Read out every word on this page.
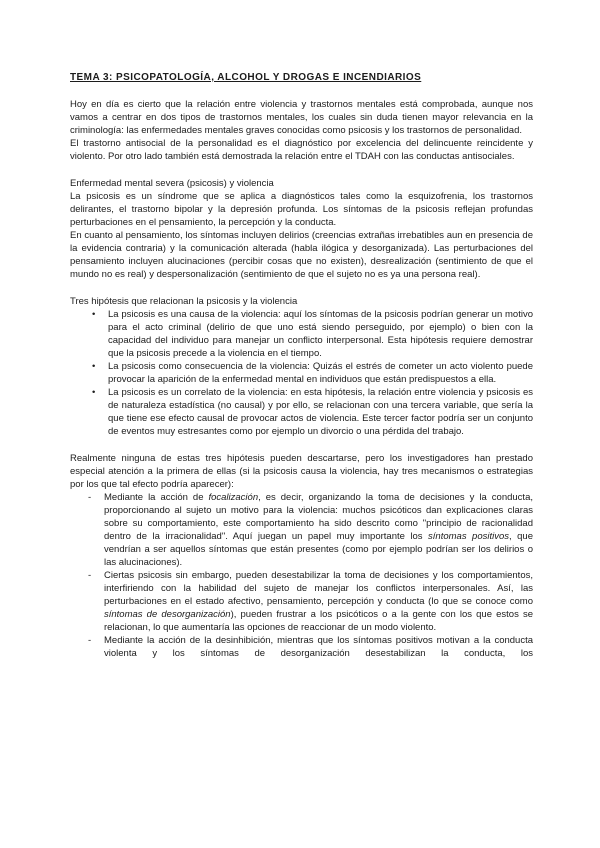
TEMA 3: PSICOPATOLOGÍA, ALCOHOL Y DROGAS E INCENDIARIOS

Hoy en día es cierto que la relación entre violencia y trastornos mentales está comprobada, aunque nos vamos a centrar en dos tipos de trastornos mentales, los cuales sin duda tienen mayor relevancia en la criminología: las enfermedades mentales graves conocidas como psicosis y los trastornos de personalidad.

El trastorno antisocial de la personalidad es el diagnóstico por excelencia del delincuente reincidente y violento. Por otro lado también está demostrada la relación entre el TDAH con las conductas antisociales.

Enfermedad mental severa (psicosis) y violencia

La psicosis es un síndrome que se aplica a diagnósticos tales como la esquizofrenia, los trastornos delirantes, el trastorno bipolar y la depresión profunda. Los síntomas de la psicosis reflejan profundas perturbaciones en el pensamiento, la percepción y la conducta.

En cuanto al pensamiento, los síntomas incluyen delirios (creencias extrañas irrebatibles aun en presencia de la evidencia contraria) y la comunicación alterada (habla ilógica y desorganizada). Las perturbaciones del pensamiento incluyen alucinaciones (percibir cosas que no existen), desrealización (sentimiento de que el mundo no es real) y despersonalización (sentimiento de que el sujeto no es ya una persona real).

Tres hipótesis que relacionan la psicosis y la violencia
•	La psicosis es una causa de la violencia: aquí los síntomas de la psicosis podrían generar un motivo para el acto criminal (delirio de que uno está siendo perseguido, por ejemplo) o bien con la capacidad del individuo para manejar un conflicto interpersonal. Esta hipótesis requiere demostrar que la psicosis precede a la violencia en el tiempo.
•	La psicosis como consecuencia de la violencia: Quizás el estrés de cometer un acto violento puede provocar la aparición de la enfermedad mental en individuos que están predispuestos a ella.
•	La psicosis es un correlato de la violencia: en esta hipótesis, la relación entre violencia y psicosis es de naturaleza estadística (no causal) y por ello, se relacionan con una tercera variable, que sería la que tiene ese efecto causal de provocar actos de violencia. Este tercer factor podría ser un conjunto de eventos muy estresantes como por ejemplo un divorcio o una pérdida del trabajo.

Realmente ninguna de estas tres hipótesis pueden descartarse, pero los investigadores han prestado especial atención a la primera de ellas (si la psicosis causa la violencia, hay tres mecanismos o estrategias por los que tal efecto podría aparecer):

-	Mediante la acción de focalización, es decir, organizando la toma de decisiones y la conducta, proporcionando al sujeto un motivo para la violencia: muchos psicóticos dan explicaciones claras sobre su comportamiento, este comportamiento ha sido descrito como "principio de racionalidad dentro de la irracionalidad". Aquí juegan un papel muy importante los síntomas positivos, que vendrían a ser aquellos síntomas que están presentes (como por ejemplo podrían ser los delirios o las alucinaciones).
-	Ciertas psicosis sin embargo, pueden desestabilizar la toma de decisiones y los comportamientos, interfiriendo con la habilidad del sujeto de manejar los conflictos interpersonales. Así, las perturbaciones en el estado afectivo, pensamiento, percepción y conducta (lo que se conoce como síntomas de desorganización), pueden frustrar a los psicóticos o a la gente con los que estos se relacionan, lo que aumentaría las opciones de reaccionar de un modo violento.
-	Mediante la acción de la desinhibición, mientras que los síntomas positivos motivan a la conducta violenta y los síntomas de desorganización desestabilizan la conducta, los
